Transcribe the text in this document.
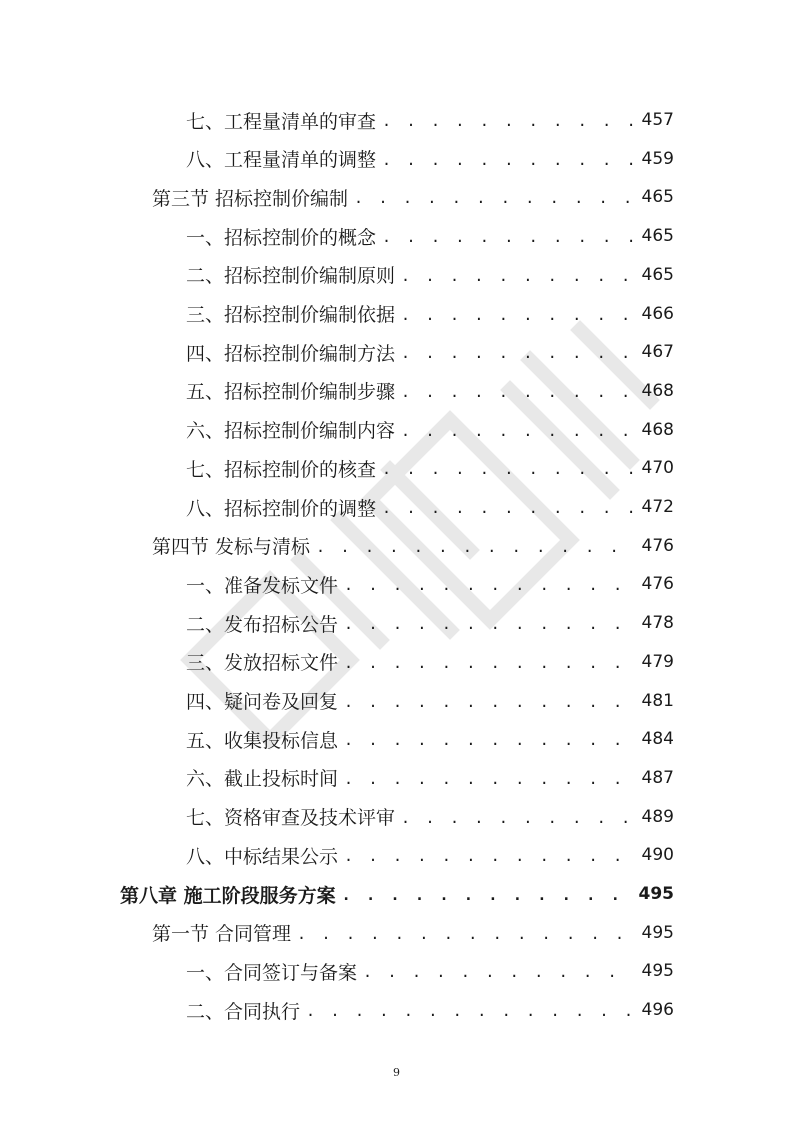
七、工程量清单的审查 . . .	457
八、工程量清单的调整 . . .	459
第三节 招标控制价编制 . . .	465
一、招标控制价的概念 . . .	465
二、招标控制价编制原则 . . .	465
三、招标控制价编制依据 . . .	466
四、招标控制价编制方法 . . .	467
五、招标控制价编制步骤 . . .	468
六、招标控制价编制内容 . . .	468
七、招标控制价的核查 . . .	470
八、招标控制价的调整 . . .	472
第四节 发标与清标 . . .	476
一、准备发标文件 . . .	476
二、发布招标公告 . . .	478
三、发放招标文件 . . .	479
四、疑问卷及回复 . . .	481
五、收集投标信息 . . .	484
六、截止投标时间 . . .	487
七、资格审查及技术评审 . . .	489
八、中标结果公示 . . .	490
第八章 施工阶段服务方案 . . .	495
第一节 合同管理 . . .	495
一、合同签订与备案 . . .	495
二、合同执行 . . .	496
9
